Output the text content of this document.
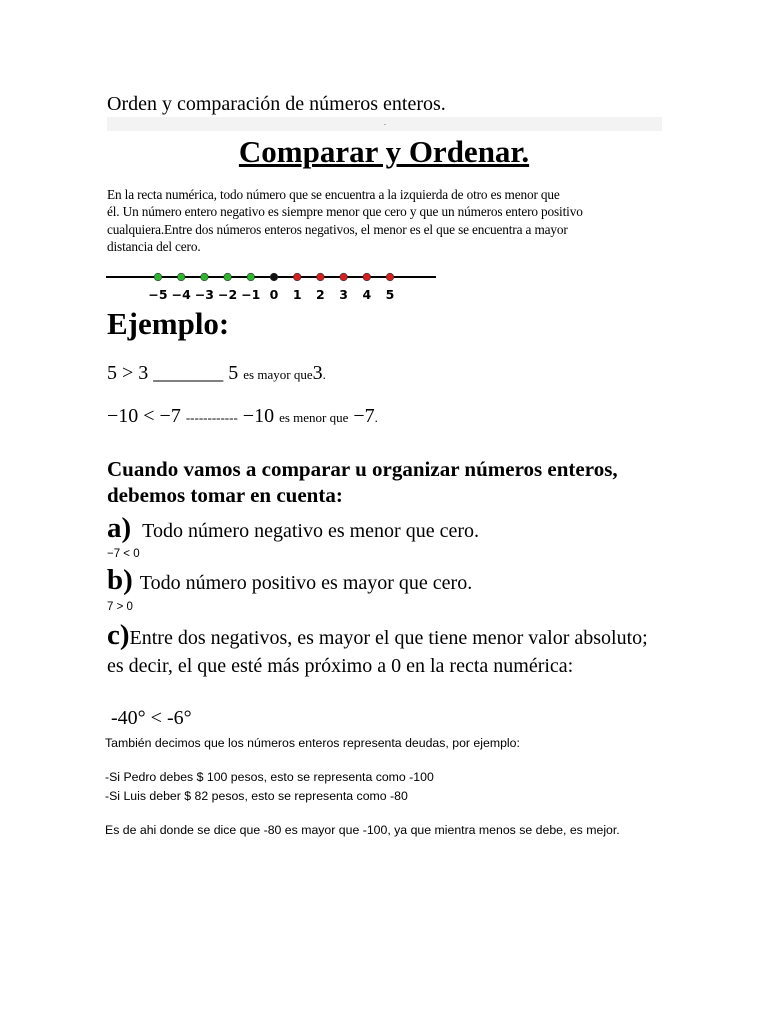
Orden y comparación de números enteros.
.
Comparar y Ordenar.
En la recta numérica, todo número que se encuentra a la izquierda de otro es menor que
él. Un número entero negativo es siempre menor que cero y que un números entero positivo
cualquiera.Entre dos números enteros negativos, el menor es el que se encuentra a mayor
distancia del cero.
−5 −4 −3 −2 −1 0 1 2 3 4 5
Ejemplo:
5 > 3 _______ 5 es mayor que3.
−10 < −7 ------------ −10 es menor que −7.
Cuando vamos a comparar u organizar números enteros, debemos tomar en cuenta:
a) Todo número negativo es menor que cero.
−7 < 0
b) Todo número positivo es mayor que cero.
7 > 0
c)Entre dos negativos, es mayor el que tiene menor valor absoluto; es decir, el que esté más próximo a 0 en la recta numérica:
-40° < -6°
También decimos que los números enteros representa deudas, por ejemplo:
-Si Pedro debes $ 100 pesos, esto se representa como -100
-Si Luis deber $ 82 pesos, esto se representa como -80
Es de ahi donde se dice que -80 es mayor que -100, ya que mientra menos se debe, es mejor.
